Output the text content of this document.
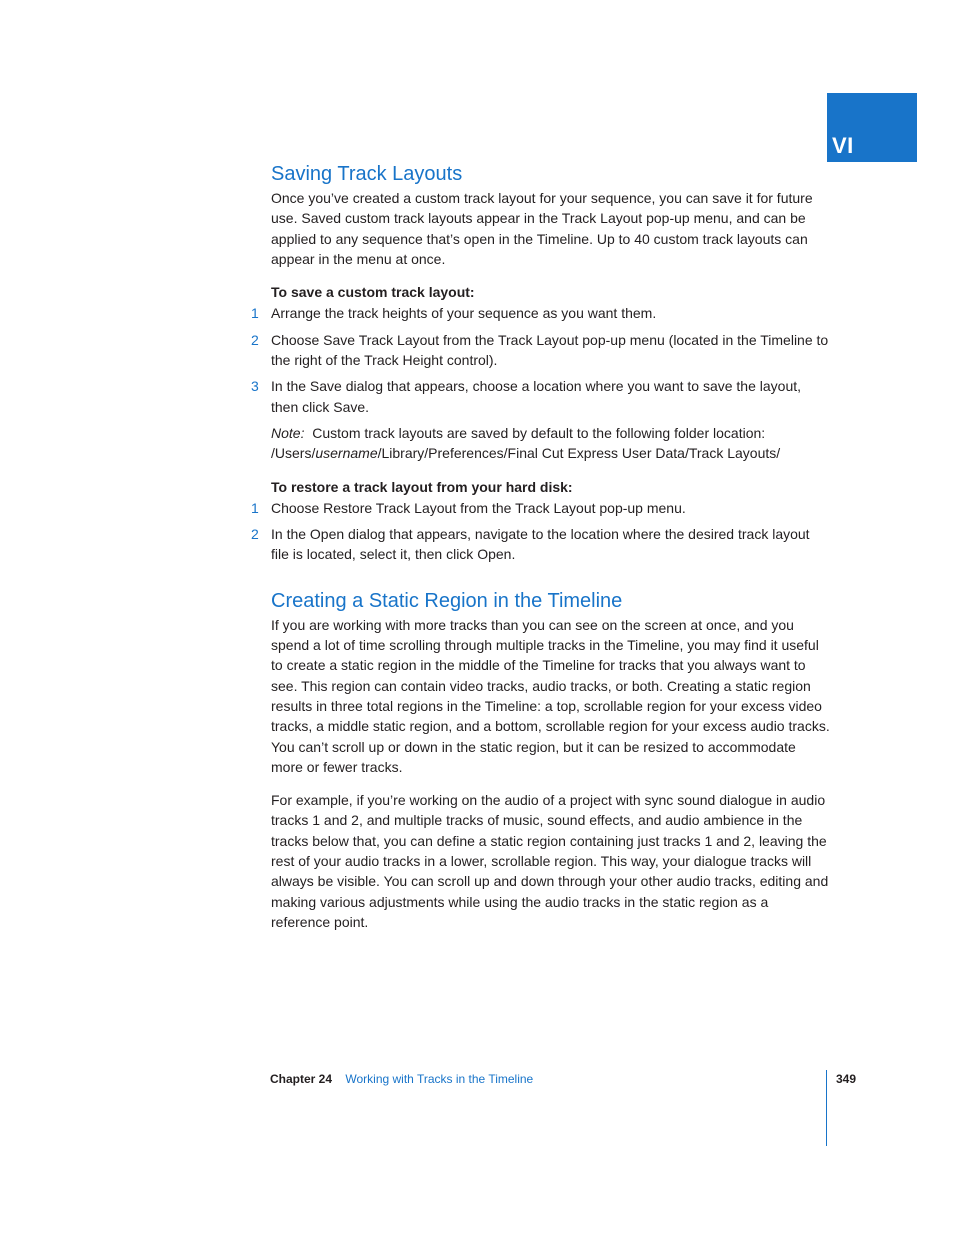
VI
Saving Track Layouts

Once you’ve created a custom track layout for your sequence, you can save it for future use. Saved custom track layouts appear in the Track Layout pop-up menu, and can be applied to any sequence that’s open in the Timeline. Up to 40 custom track layouts can appear in the menu at once.

To save a custom track layout:

1 Arrange the track heights of your sequence as you want them.

2 Choose Save Track Layout from the Track Layout pop-up menu (located in the Timeline to the right of the Track Height control).

3 In the Save dialog that appears, choose a location where you want to save the layout, then click Save.

Note: Custom track layouts are saved by default to the following folder location:
/Users/username/Library/Preferences/Final Cut Express User Data/Track Layouts/

To restore a track layout from your hard disk:

1 Choose Restore Track Layout from the Track Layout pop-up menu.

2 In the Open dialog that appears, navigate to the location where the desired track layout file is located, select it, then click Open.

Creating a Static Region in the Timeline

If you are working with more tracks than you can see on the screen at once, and you spend a lot of time scrolling through multiple tracks in the Timeline, you may find it useful to create a static region in the middle of the Timeline for tracks that you always want to see. This region can contain video tracks, audio tracks, or both. Creating a static region results in three total regions in the Timeline: a top, scrollable region for your excess video tracks, a middle static region, and a bottom, scrollable region for your excess audio tracks. You can’t scroll up or down in the static region, but it can be resized to accommodate more or fewer tracks.

For example, if you’re working on the audio of a project with sync sound dialogue in audio tracks 1 and 2, and multiple tracks of music, sound effects, and audio ambience in the tracks below that, you can define a static region containing just tracks 1 and 2, leaving the rest of your audio tracks in a lower, scrollable region. This way, your dialogue tracks will always be visible. You can scroll up and down through your other audio tracks, editing and making various adjustments while using the audio tracks in the static region as a reference point.

Chapter 24 Working with Tracks in the Timeline	349
